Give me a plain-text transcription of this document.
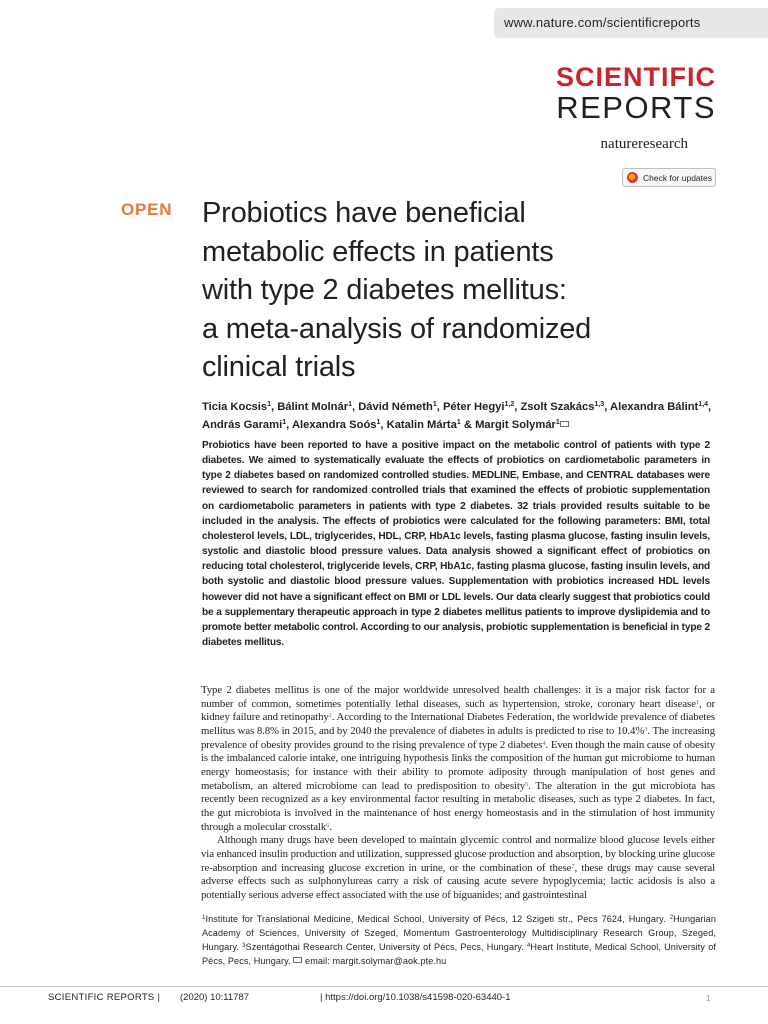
www.nature.com/scientificreports
SCIENTIFIC
REPORTS
natureresearch
Check for updates
OPEN Probiotics have beneficial
metabolic effects in patients
with type 2 diabetes mellitus:
a meta-analysis of randomized
clinical trials
Ticia Kocsis$^1$, Bálint Molnár$^1$, Dávid Németh$^1$, Péter Hegyi$^{1,2}$, Zsolt Szakács$^{1,3}$, Alexandra Bálint$^{1,4}$, András Garami$^1$, Alexandra Soós$^1$, Katalin Márta$^1$ & Margit Solymár$^1$
Probiotics have been reported to have a positive impact on the metabolic control of patients with type 2 diabetes. We aimed to systematically evaluate the effects of probiotics on cardiometabolic parameters in type 2 diabetes based on randomized controlled studies. MEDLINE, Embase, and CENTRAL databases were reviewed to search for randomized controlled trials that examined the effects of probiotic supplementation on cardiometabolic parameters in patients with type 2 diabetes. 32 trials provided results suitable to be included in the analysis. The effects of probiotics were calculated for the following parameters: BMI, total cholesterol levels, LDL, triglycerides, HDL, CRP, HbA1c levels, fasting plasma glucose, fasting insulin levels, systolic and diastolic blood pressure values. Data analysis showed a significant effect of probiotics on reducing total cholesterol, triglyceride levels, CRP, HbA1c, fasting plasma glucose, fasting insulin levels, and both systolic and diastolic blood pressure values. Supplementation with probiotics increased HDL levels however did not have a significant effect on BMI or LDL levels. Our data clearly suggest that probiotics could be a supplementary therapeutic approach in type 2 diabetes mellitus patients to improve dyslipidemia and to promote better metabolic control. According to our analysis, probiotic supplementation is beneficial in type 2 diabetes mellitus.

Type 2 diabetes mellitus is one of the major worldwide unresolved health challenges: it is a major risk factor for a number of common, sometimes potentially lethal diseases, such as hypertension, stroke, coronary heart disease$^1$, or kidney failure and retinopathy$^2$. According to the International Diabetes Federation, the worldwide prevalence of diabetes mellitus was 8.8% in 2015, and by 2040 the prevalence of diabetes in adults is predicted to rise to 10.4%$^3$. The increasing prevalence of obesity provides ground to the rising prevalence of type 2 diabetes$^4$. Even though the main cause of obesity is the imbalanced calorie intake, one intriguing hypothesis links the composition of the human gut microbiome to human energy homeostasis; for instance with their ability to promote adiposity through manipulation of host genes and metabolism, an altered microbiome can lead to predisposition to obesity$^5$. The alteration in the gut microbiota has recently been recognized as a key environmental factor resulting in metabolic diseases, such as type 2 diabetes. In fact, the gut microbiota is involved in the maintenance of host energy homeostasis and in the stimulation of host immunity through a molecular crosstalk$^6$.

Although many drugs have been developed to maintain glycemic control and normalize blood glucose levels either via enhanced insulin production and utilization, suppressed glucose production and absorption, by blocking urine glucose re-absorption and increasing glucose excretion in urine, or the combination of these$^7$, these drugs may cause several adverse effects such as sulphonylureas carry a risk of causing acute severe hypoglycemia; lactic acidosis is also a potentially serious adverse effect associated with the use of biguanides; and gastrointestinal

$^1$Institute for Translational Medicine, Medical School, University of Pécs, 12 Szigeti str., Pecs 7624, Hungary. $^2$Hungarian Academy of Sciences, University of Szeged, Momentum Gastroenterology Multidisciplinary Research Group, Szeged, Hungary. $^3$Szentágothai Research Center, University of Pécs, Pecs, Hungary. $^4$Heart Institute, Medical School, University of Pécs, Pecs, Hungary.  email: margit.solymar@aok.pte.hu
SCIENTIFIC REPORTS | (2020) 10:11787	| https://doi.org/10.1038/s41598-020-63440-1	1
